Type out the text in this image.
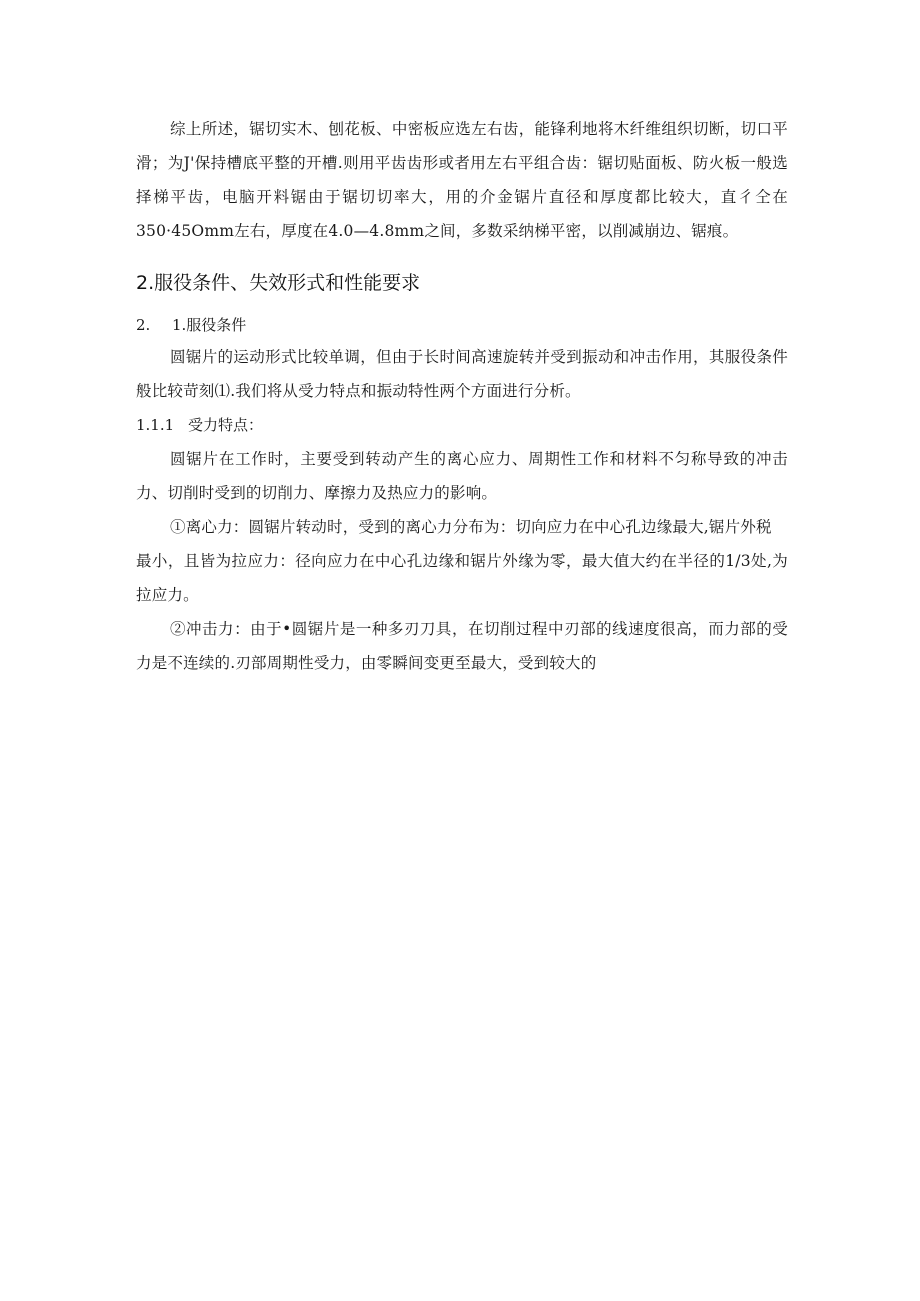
综上所述，锯切实木、刨花板、中密板应选左右齿，能锋利地将木纤维组织切断，切口平滑；为J'保持槽底平整的开槽.则用平齿齿形或者用左右平组合齿：锯切贴面板、防火板一般选择梯平齿，电脑开料锯由于锯切切率大，用的介金锯片直径和厚度都比较大，直彳仝在350·45Omm左右，厚度在4.0—4.8mm之间，多数采纳梯平密，以削减崩边、锯痕。

2.服役条件、失效形式和性能要求
2. 1.服役条件

圆锯片的运动形式比较单调，但由于长时间高速旋转并受到振动和冲击作用，其服役条件般比较苛刻⑴.我们将从受力特点和振动特性两个方面进行分析。

1.1.1 受力特点：

圆锯片在工作时，主要受到转动产生的离心应力、周期性工作和材料不匀称导致的冲击力、切削时受到的切削力、摩擦力及热应力的影响。

①离心力：圆锯片转动时，受到的离心力分布为：切向应力在中心孔边缘最大,锯片外税

最小，且皆为拉应力：径向应力在中心孔边缘和锯片外缘为零，最大值大约在半径的1/3处,为拉应力。

②冲击力：由于•圆锯片是一种多刃刀具，在切削过程中刃部的线速度很高，而力部的受力是不连续的.刃部周期性受力，由零瞬间变更至最大，受到较大的
